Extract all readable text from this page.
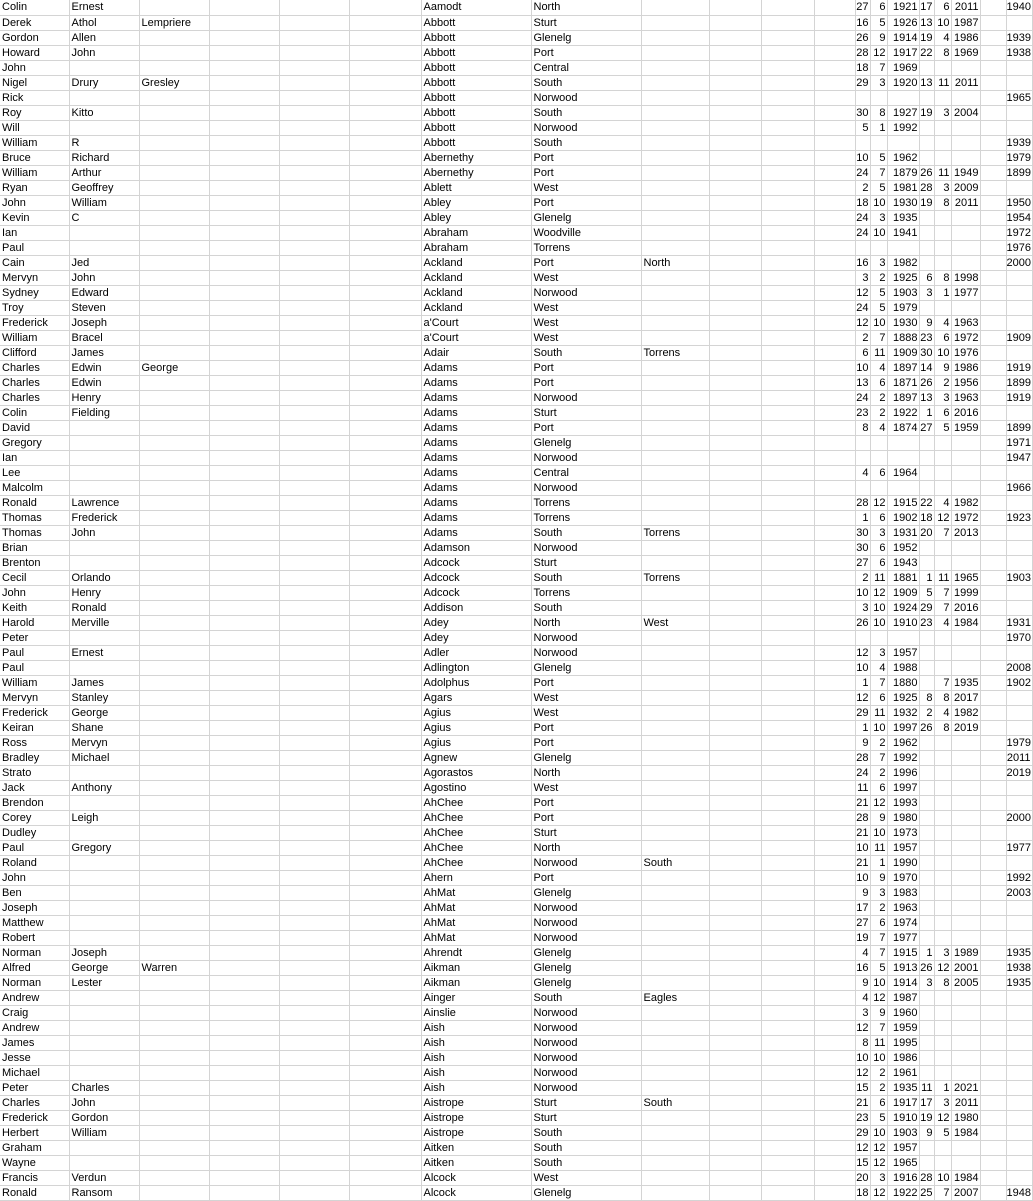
Colin	Ernest					Aamodt	North					27	6	1921	17	6	2011		1940
Derek	Athol	Lempriere				Abbott	Sturt					16	5	1926	13	10	1987		
Gordon	Allen					Abbott	Glenelg					26	9	1914	19	4	1986		1939
Howard	John					Abbott	Port					28	12	1917	22	8	1969		1938
John						Abbott	Central					18	7	1969					
Nigel	Drury	Gresley				Abbott	South					29	3	1920	13	11	2011		
Rick						Abbott	Norwood												1965
Roy	Kitto					Abbott	South					30	8	1927	19	3	2004		
Will						Abbott	Norwood					5	1	1992					
William	R					Abbott	South												1939
Bruce	Richard					Abernethy	Port					10	5	1962					1979
William	Arthur					Abernethy	Port					24	7	1879	26	11	1949		1899
Ryan	Geoffrey					Ablett	West					2	5	1981	28	3	2009		
John	William					Abley	Port					18	10	1930	19	8	2011		1950
Kevin	C					Abley	Glenelg					24	3	1935					1954
Ian						Abraham	Woodville					24	10	1941					1972
Paul						Abraham	Torrens												1976
Cain	Jed					Ackland	Port	North				16	3	1982					2000
Mervyn	John					Ackland	West					3	2	1925	6	8	1998		
Sydney	Edward					Ackland	Norwood					12	5	1903	3	1	1977		
Troy	Steven					Ackland	West					24	5	1979					
Frederick	Joseph					a'Court	West					12	10	1930	9	4	1963		
William	Bracel					a'Court	West					2	7	1888	23	6	1972		1909
Clifford	James					Adair	South	Torrens				6	11	1909	30	10	1976		
Charles	Edwin	George				Adams	Port					10	4	1897	14	9	1986		1919
Charles	Edwin					Adams	Port					13	6	1871	26	2	1956		1899
Charles	Henry					Adams	Norwood					24	2	1897	13	3	1963		1919
Colin	Fielding					Adams	Sturt					23	2	1922	1	6	2016		
David						Adams	Port					8	4	1874	27	5	1959		1899
Gregory						Adams	Glenelg												1971
Ian						Adams	Norwood												1947
Lee						Adams	Central					4	6	1964					
Malcolm						Adams	Norwood												1966
Ronald	Lawrence					Adams	Torrens					28	12	1915	22	4	1982		
Thomas	Frederick					Adams	Torrens					1	6	1902	18	12	1972		1923
Thomas	John					Adams	South	Torrens				30	3	1931	20	7	2013		
Brian						Adamson	Norwood					30	6	1952					
Brenton						Adcock	Sturt					27	6	1943					
Cecil	Orlando					Adcock	South	Torrens				2	11	1881	1	11	1965		1903
John	Henry					Adcock	Torrens					10	12	1909	5	7	1999		
Keith	Ronald					Addison	South					3	10	1924	29	7	2016		
Harold	Merville					Adey	North	West				26	10	1910	23	4	1984		1931
Peter						Adey	Norwood												1970
Paul	Ernest					Adler	Norwood					12	3	1957					
Paul						Adlington	Glenelg					10	4	1988					2008
William	James					Adolphus	Port					1	7	1880		7	1935		1902
Mervyn	Stanley					Agars	West					12	6	1925	8	8	2017		
Frederick	George					Agius	West					29	11	1932	2	4	1982		
Keiran	Shane					Agius	Port					1	10	1997	26	8	2019		
Ross	Mervyn					Agius	Port					9	2	1962					1979
Bradley	Michael					Agnew	Glenelg					28	7	1992					2011
Strato						Agorastos	North					24	2	1996					2019
Jack	Anthony					Agostino	West					11	6	1997					
Brendon						AhChee	Port					21	12	1993					
Corey	Leigh					AhChee	Port					28	9	1980					2000
Dudley						AhChee	Sturt					21	10	1973					
Paul	Gregory					AhChee	North					10	11	1957					1977
Roland						AhChee	Norwood	South				21	1	1990					
John						Ahern	Port					10	9	1970					1992
Ben						AhMat	Glenelg					9	3	1983					2003
Joseph						AhMat	Norwood					17	2	1963					
Matthew						AhMat	Norwood					27	6	1974					
Robert						AhMat	Norwood					19	7	1977					
Norman	Joseph					Ahrendt	Glenelg					4	7	1915	1	3	1989		1935
Alfred	George	Warren				Aikman	Glenelg					16	5	1913	26	12	2001		1938
Norman	Lester					Aikman	Glenelg					9	10	1914	3	8	2005		1935
Andrew						Ainger	South	Eagles				4	12	1987					
Craig						Ainslie	Norwood					3	9	1960					
Andrew						Aish	Norwood					12	7	1959					
James						Aish	Norwood					8	11	1995					
Jesse						Aish	Norwood					10	10	1986					
Michael						Aish	Norwood					12	2	1961					
Peter	Charles					Aish	Norwood					15	2	1935	11	1	2021		
Charles	John					Aistrope	Sturt	South				21	6	1917	17	3	2011		
Frederick	Gordon					Aistrope	Sturt					23	5	1910	19	12	1980		
Herbert	William					Aistrope	South					29	10	1903	9	5	1984		
Graham						Aitken	South					12	12	1957					
Wayne						Aitken	South					15	12	1965					
Francis	Verdun					Alcock	West					20	3	1916	28	10	1984		
Ronald	Ransom					Alcock	Glenelg					18	12	1922	25	7	2007		1948
